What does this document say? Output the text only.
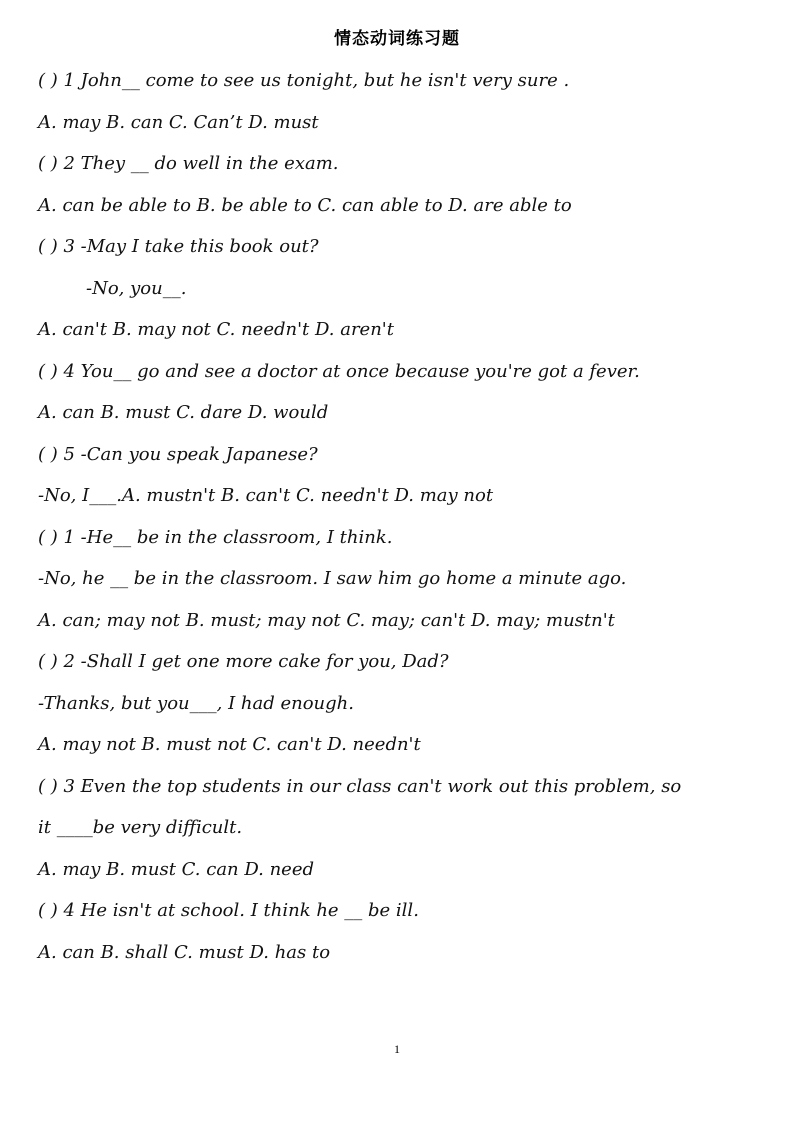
情态动词练习题
( ) 1 John__ come to see us tonight, but he isn't very sure .
A. may B. can C. Can’t D. must
( ) 2 They __ do well in the exam.
A. can be able to B. be able to C. can able to D. are able to
( ) 3 -May I take this book out?
-No, you__.
A. can't B. may not C. needn't D. aren't
( ) 4 You__ go and see a doctor at once because you're got a fever.
A. can B. must C. dare D. would
( ) 5 -Can you speak Japanese?
-No, I___.A. mustn't B. can't C. needn't D. may not
( ) 1 -He__ be in the classroom, I think.
-No, he __ be in the classroom. I saw him go home a minute ago.
A. can; may not B. must; may not C. may; can't D. may; mustn't
( ) 2 -Shall I get one more cake for you, Dad?
-Thanks, but you___, I had enough.
A. may not B. must not C. can't D. needn't
( ) 3 Even the top students in our class can't work out this problem, so
it ____be very difficult.
A. may B. must C. can D. need
( ) 4 He isn't at school. I think he __ be ill.
A. can B. shall C. must D. has to
1
